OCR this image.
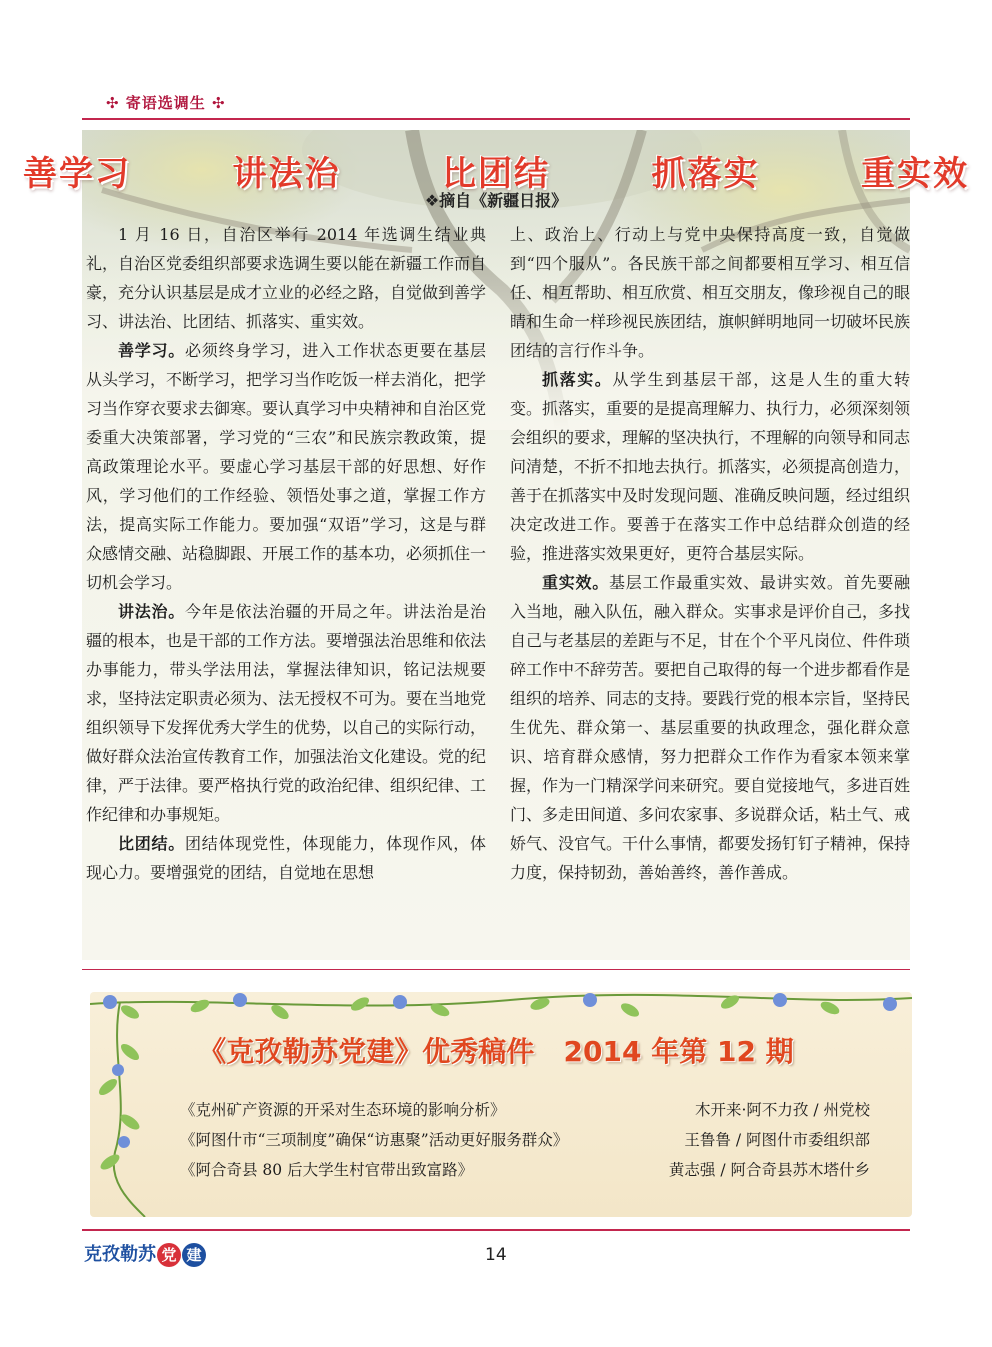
✣ 寄语选调生 ✣
善学习   讲法治   比团结   抓落实   重实效
❖摘自《新疆日报》

1 月 16 日，自治区举行 2014 年选调生结业典礼，自治区党委组织部要求选调生要以能在新疆工作而自豪，充分认识基层是成才立业的必经之路，自觉做到善学习、讲法治、比团结、抓落实、重实效。

善学习。必须终身学习，进入工作状态更要在基层从头学习，不断学习，把学习当作吃饭一样去消化，把学习当作穿衣要求去御寒。要认真学习中央精神和自治区党委重大决策部署，学习党的“三农”和民族宗教政策，提高政策理论水平。要虚心学习基层干部的好思想、好作风，学习他们的工作经验、领悟处事之道，掌握工作方法，提高实际工作能力。要加强“双语”学习，这是与群众感情交融、站稳脚跟、开展工作的基本功，必须抓住一切机会学习。

讲法治。今年是依法治疆的开局之年。讲法治是治疆的根本，也是干部的工作方法。要增强法治思维和依法办事能力，带头学法用法，掌握法律知识，铭记法规要求，坚持法定职责必须为、法无授权不可为。要在当地党组织领导下发挥优秀大学生的优势，以自己的实际行动，做好群众法治宣传教育工作，加强法治文化建设。党的纪律，严于法律。要严格执行党的政治纪律、组织纪律、工作纪律和办事规矩。

比团结。团结体现党性，体现能力，体现作风，体现心力。要增强党的团结，自觉地在思想

上、政治上、行动上与党中央保持高度一致，自觉做到“四个服从”。各民族干部之间都要相互学习、相互信任、相互帮助、相互欣赏、相互交朋友，像珍视自己的眼睛和生命一样珍视民族团结，旗帜鲜明地同一切破坏民族团结的言行作斗争。

抓落实。从学生到基层干部，这是人生的重大转变。抓落实，重要的是提高理解力、执行力，必须深刻领会组织的要求，理解的坚决执行，不理解的向领导和同志问清楚，不折不扣地去执行。抓落实，必须提高创造力，善于在抓落实中及时发现问题、准确反映问题，经过组织决定改进工作。要善于在落实工作中总结群众创造的经验，推进落实效果更好，更符合基层实际。

重实效。基层工作最重实效、最讲实效。首先要融入当地，融入队伍，融入群众。实事求是评价自己，多找自己与老基层的差距与不足，甘在个个平凡岗位、件件琐碎工作中不辞劳苦。要把自己取得的每一个进步都看作是组织的培养、同志的支持。要践行党的根本宗旨，坚持民生优先、群众第一、基层重要的执政理念，强化群众意识、培育群众感情，努力把群众工作作为看家本领来掌握，作为一门精深学问来研究。要自觉接地气，多进百姓门、多走田间道、多问农家事、多说群众话，粘土气、戒娇气、没官气。干什么事情，都要发扬钉钉子精神，保持力度，保持韧劲，善始善终，善作善成。

《克孜勒苏党建》优秀稿件   2014 年第 12 期
《克州矿产资源的开采对生态环境的影响分析》	木开来·阿不力孜 / 州党校
《阿图什市“三项制度”确保“访惠聚”活动更好服务群众》	王鲁鲁 / 阿图什市委组织部
《阿合奇县 80 后大学生村官带出致富路》	黄志强 / 阿合奇县苏木塔什乡
克孜勒苏 党 建	14
